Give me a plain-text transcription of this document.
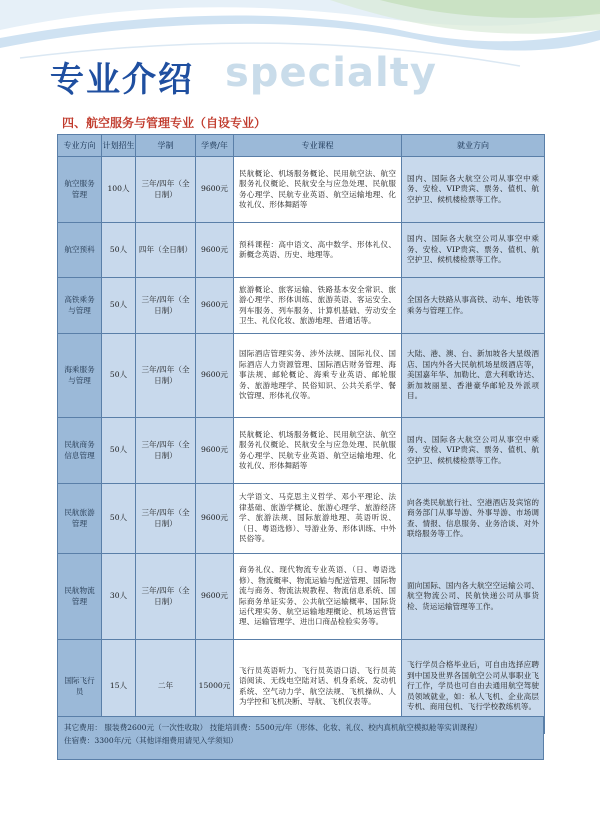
specialty
专业介绍
四、航空服务与管理专业（自设专业）
专业方向	计划招生	学制	学费/年	专业课程	就业方向
航空服务管理	100人	三年/四年（全日制）	9600元	民航概论、机场服务概论、民用航空法、航空服务礼仪概论、民航安全与应急处理、民航服务心理学、民航专业英语、航空运输地理、化妆礼仪、形体舞蹈等	国内、国际各大航空公司从事空中乘务、安检、VIP贵宾、票务、值机、航空护卫、候机楼检票等工作。
航空预科	50人	四年（全日制）	9600元	预科课程：高中语文、高中数学、形体礼仪、新概念英语、历史、地理等。	国内、国际各大航空公司从事空中乘务、安检、VIP贵宾、票务、值机、航空护卫、候机楼检票等工作。
高铁乘务与管理	50人	三年/四年（全日制）	9600元	旅游概论、旅客运输、铁路基本安全常识、旅游心理学、形体训练、旅游英语、客运安全、列车服务、列车服务、计算机基础、劳动安全卫生、礼仪化妆、旅游地理、普通话等。	全国各大铁路从事高铁、动车、地铁等乘务与管理工作。
海乘服务与管理	50人	三年/四年（全日制）	9600元	国际酒店管理实务、涉外法规、国际礼仪、国际酒店人力资源管理、国际酒店财务管理、海事法规、邮轮概论、海乘专业英语、邮轮服务、旅游地理学、民俗知识、公共关系学、餐饮管理、形体礼仪等。	大陆、港、澳、台、新加坡各大星级酒店、国内外各大民航机场星级酒店等，美国嘉年华、加勒比、意大利歌诗达、新加坡丽星、香港豪华邮轮及外派项目。
民航商务信息管理	50人	三年/四年（全日制）	9600元	民航概论、机场服务概论、民用航空法、航空服务礼仪概论、民航安全与应急处理、民航服务心理学、民航专业英语、航空运输地理、化妆礼仪、形体舞蹈等	国内、国际各大航空公司从事空中乘务、安检、VIP贵宾、票务、值机、航空护卫、候机楼检票等工作。
民航旅游管理	50人	三年/四年（全日制）	9600元	大学语文、马克思主义哲学、邓小平理论、法律基础、旅游学概论、旅游心理学、旅游经济学、旅游法规、国际旅游地理、英语听说、（日、粤语选修）、导游业务、形体训练、中外民俗等。	向各类民航旅行社、空港酒店及宾馆的商务部门从事导游、外事导游、市场调查、情报、信息服务、业务洽谈、对外联络服务等工作。
民航物流管理	30人	三年/四年（全日制）	9600元	商务礼仪、现代物流专业英语、（日、粤语选修）、物流概率、物流运输与配送管理、国际物流与商务、物流法规教程、物流信息系统、国际商务单证实务、公共航空运输概率、国际货运代理实务、航空运输地理概论、机场运营管理、运输管理学、进出口商品检验实务等。	面向国际、国内各大航空空运输公司、航空物流公司、民航快递公司从事货检、货运运输管理等工作。
国际飞行员	15人	二年	15000元	飞行员英语听力、飞行员英语口语、飞行员英语阅读、无线电空陆对话、机身系统、发动机系统、空气动力学、航空法规、飞机操纵、人为学控和飞机决断、导航、飞机仪表等。	飞行学员合格毕业后，可自由选择应聘到中国及世界各国航空公司从事职业飞行工作，学员也可自由去通用航空驾驶员领域就业，如：私人飞机、企业高层专机、商用包机、飞行学校教练机等。
其它费用： 服装费2600元（一次性收取） 技能培训费：5500元/年（形体、化妆、礼仪、校内真机航空模拟舱等实训课程）
住宿费：3300年/元（其他详细费用请见入学须知）
